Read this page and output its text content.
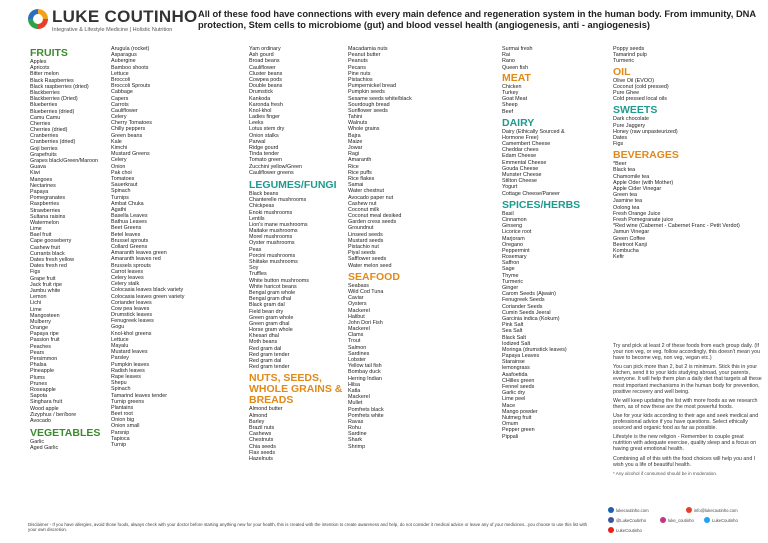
LUKE COUTINHO
Integrative & Lifestyle Medicine | Holistic Nutrition
All of these food have connections with every main defence and regeneration system in the human body. From immunity, DNA protection, Stem cells to microbiome (gut) and blood vessel health (angiogenesis, anti - angiogenesis)
FRUITS
Apples
Apricots
Bitter melon
Black Raspberries
Black raspberries (dried)
Blackberries
Blackberries (Dried)
Blueberries
Blueberries (dried)
Camu Camu
Cherries
Cherries (dried)
Cranberries
Cranberries (dried)
Goji berries
Grapefruits
Grapes black/Green/Maroon
Guava
Kiwi
Mangoes
Nectarines
Papaya
Pomegranates
Raspberries
Strawberries
Sultana raisins
Watermelon
Lime
Bael fruit
Cape gooseberry
Cashew fruit
Currants black
Dates fresh yellow
Dates fresh red
Figs
Grape fruit
Jack fruit ripe
Jambu white
Lemon
Lichi
Lime
Mangosteen
Mulberry
Orange
Papaya ripe
Passion fruit
Peaches
Pears
Persimmon
Phalsa
Pineapple
Plums
Prunes
Roseapple
Sapota
Singhara fruit
Wood apple
Zizyphus / ber/bore
Avocado
VEGETABLES
Garlic
Aged Garlic
Arugula (rocket)
Asparagus
Aubergine
Bamboo shoots
Lettuce
Broccoli
Broccoli Sprouts
Cabbage
Capers
Carrots
Cauliflower
Celery
Cherry Tomatoes
Chilly peppers
Green beans
Kale
Kimchi
Mustard Greens
Celery
Onion
Pak choi
Tomatoes
Sauerkraut
Spinach
Turnips
Ambat Chuka
Agathi
Basella Leaves
Bathua Leaves
Beet Greens
Betel leaves
Brussel sprouts
Collard Greens
Amaranth leaves green
Amaranth leaves red
Brussels sprouts
Carrot leaves
Celery leaves
Celery stalk
Colocasia leaves black variety
Colocasia leaves green variety
Coriander leaves
Cow pea leaves
Drumstick leaves
Fenugreek leaves
Gogu
Knol-khol greens
Lettuce
Mayalu
Mustard leaves
Parsley
Pumpkin leaves
Radish leaves
Rape leaves
Shepu
Spinach
Tamarind leaves tender
Turnip greens
Plantains
Beet root
Onion big
Onion small
Parsnip
Tapioca
Turnip
Yam ordinary
Ash gourd
Broad beans
Cauliflower
Cluster beans
Cowpea pods
Double beans
Drumstick
Kankoda
Karonda fresh
Knol-khol
Ladies finger
Leeks
Lotus stem dry
Onion stalks
Parwal
Ridge gourd
Tinda tender
Tomato green
Zucchini yellow/Green
Cauliflower greens
LEGUMES/FUNGI
Black beans
Chanterelle mushrooms
Chickpeas
Enoki mushrooms
Lentils
Lion's mane mushrooms
Maitake mushrooms
Morel mushrooms
Oyster mushrooms
Peas
Porcini mushrooms
Shiitake mushrooms
Soy
Truffles
White button mushrooms
White haricot beans
Bengal gram whole
Bengal gram dhal
Black gram dal
Field bean dry
Green gram whole
Green gram dhal
Horse gram whole
Khesari dhal
Moth beans
Red gram dal
Red gram tender
Red gram dal
Red gram tender
NUTS, SEEDS, WHOLE GRAINS & BREADS
Almond butter
Almond
Barley
Brazil nuts
Cashews
Chestnuts
Chia seeds
Flax seeds
Hazelnuts
Macadamia nuts
Peanut butter
Peanuts
Pecans
Pine nuts
Pistachios
Pumpernickel bread
Pumpkin seeds
Sesame seeds white/black
Sourdough bread
Sunflower seeds
Tahini
Walnuts
Whole grains
Bajra
Maize
Jowar
Ragi
Amaranth
Rice
Rice puffs
Rice flakes
Samai
Water chestnut
Avocado paper nut
Cashew nut
Coconut milk
Coconut meal desiked
Garden cress seeds
Groundnut
Linseed seeds
Mustard seeds
Pistachio nut
Piyal seeds
Safflower seeds
Water melon seed
SEAFOOD
Seabass
Wild Cod Tuna
Caviar
Oysters
Mackerel
Halibut
John Dori Fish
Mackerel
Clams
Trout
Salmon
Sardines
Lobster
Yellow tail fish
Bombay duck
Herring Indian
Hilsa
Katla
Mackerel
Mullet
Pomfrets black
Pomfrets white
Ravas
Rohu
Sardine
Shark
Shrimp
Surmai fresh
Rai
Rano
Queen fish
MEAT
Chicken
Turkey
Goat Meat
Sheep
Beef
DAIRY
Dairy (Ethically Sourced &
Hormone Free)
Camembert Cheese
Cheddar chees
Edam Cheese
Emmental Cheese
Gouda Cheese
Munster Cheese
Stilton Cheese
Yogurt
Cottage Cheese/Paneer
SPICES/HERBS
Basil
Cinnamon
Ginseng
Licorice root
Marjoram
Oregano
Peppermint
Rosemary
Saffron
Sage
Thyme
Turmeric
Ginger
Carom Seeds (Ajwain)
Fenugreek Seeds
Coriander Seeds
Cumin Seeds Jeeral
Garcinia indica (Kokum)
Pink Salt
Sea Salt
Black Salt
Iodized Salt
Moringa (drumstick leaves)
Papaya Leaves
Starainse
lemongrass
Asafoetida
CHilles green
Fennel seeds
Garlic dry
Lime peel
Mace
Mango powder
Nutmeg fruit
Omum
Pepper green
Pippali
Poppy seeds
Tamarind pulp
Turmeric
OIL
Olive Oil (EVOO)
Coconut (cold pressed)
Pure Ghee
Cold pressed local oils
SWEETS
Dark chocolate
Pure Jaggery
Honey (raw unpasteurized)
Dates
Figs
BEVERAGES
*Beer
Black tea
Chamomile tea
Apple Oder (with Mother)
Apple Cider Vinegar
Green tea
Jasmine tea
Oolong tea
Fresh Orange Juice
Fresh Pomegranate juice
*Red wine (Cabernet - Cabernet Franc - Petit Verdot)
Jamun Vinegar
Green Coffee
Beetroot Kanji
Kombucha
Kefir

Try and pick at least 2 of these foods from each group daily. (If your non veg, or veg. follow accordingly, this doesn't mean you have to become veg, non veg, vegan etc.)

You can pick more than 2, but 2 is minimum. Stick this in your kitchen, send it to your kids studying abroad, your parents, everyone. It will help them plan a daily diet that targets all these most important mechanisms in the human body for prevention, positive recovery and well being.

We will keep updating the list with more foods as we research them, as of now these are the most powerful foods.

Use for your kids according to their age and seek medical and professional advice if you have questions. Select ethically sourced and organic food as far as possible.

Lifestyle is the new religion - Remember to couple great nutrition with adequate exercise, quality sleep and a focus on having great emotional health.

Combining all of this with the food choices will help you and I wish you a life of beautiful health.

* Any alcohol if consumed should be in moderation.

lukecoutinho.com	info@lukecoutinho.com
@LukeCoutinho	luke_coutinho	LukeCoutinho
LukeCoutinho
Disclaimer - If you have allergies, avoid those foods, always check with your doctor before starting anything new for your health, this is created with the intention to create awareness and help, do not consider it medical advice or leave any of your medicines...you choose to use this list with your own discretion.
